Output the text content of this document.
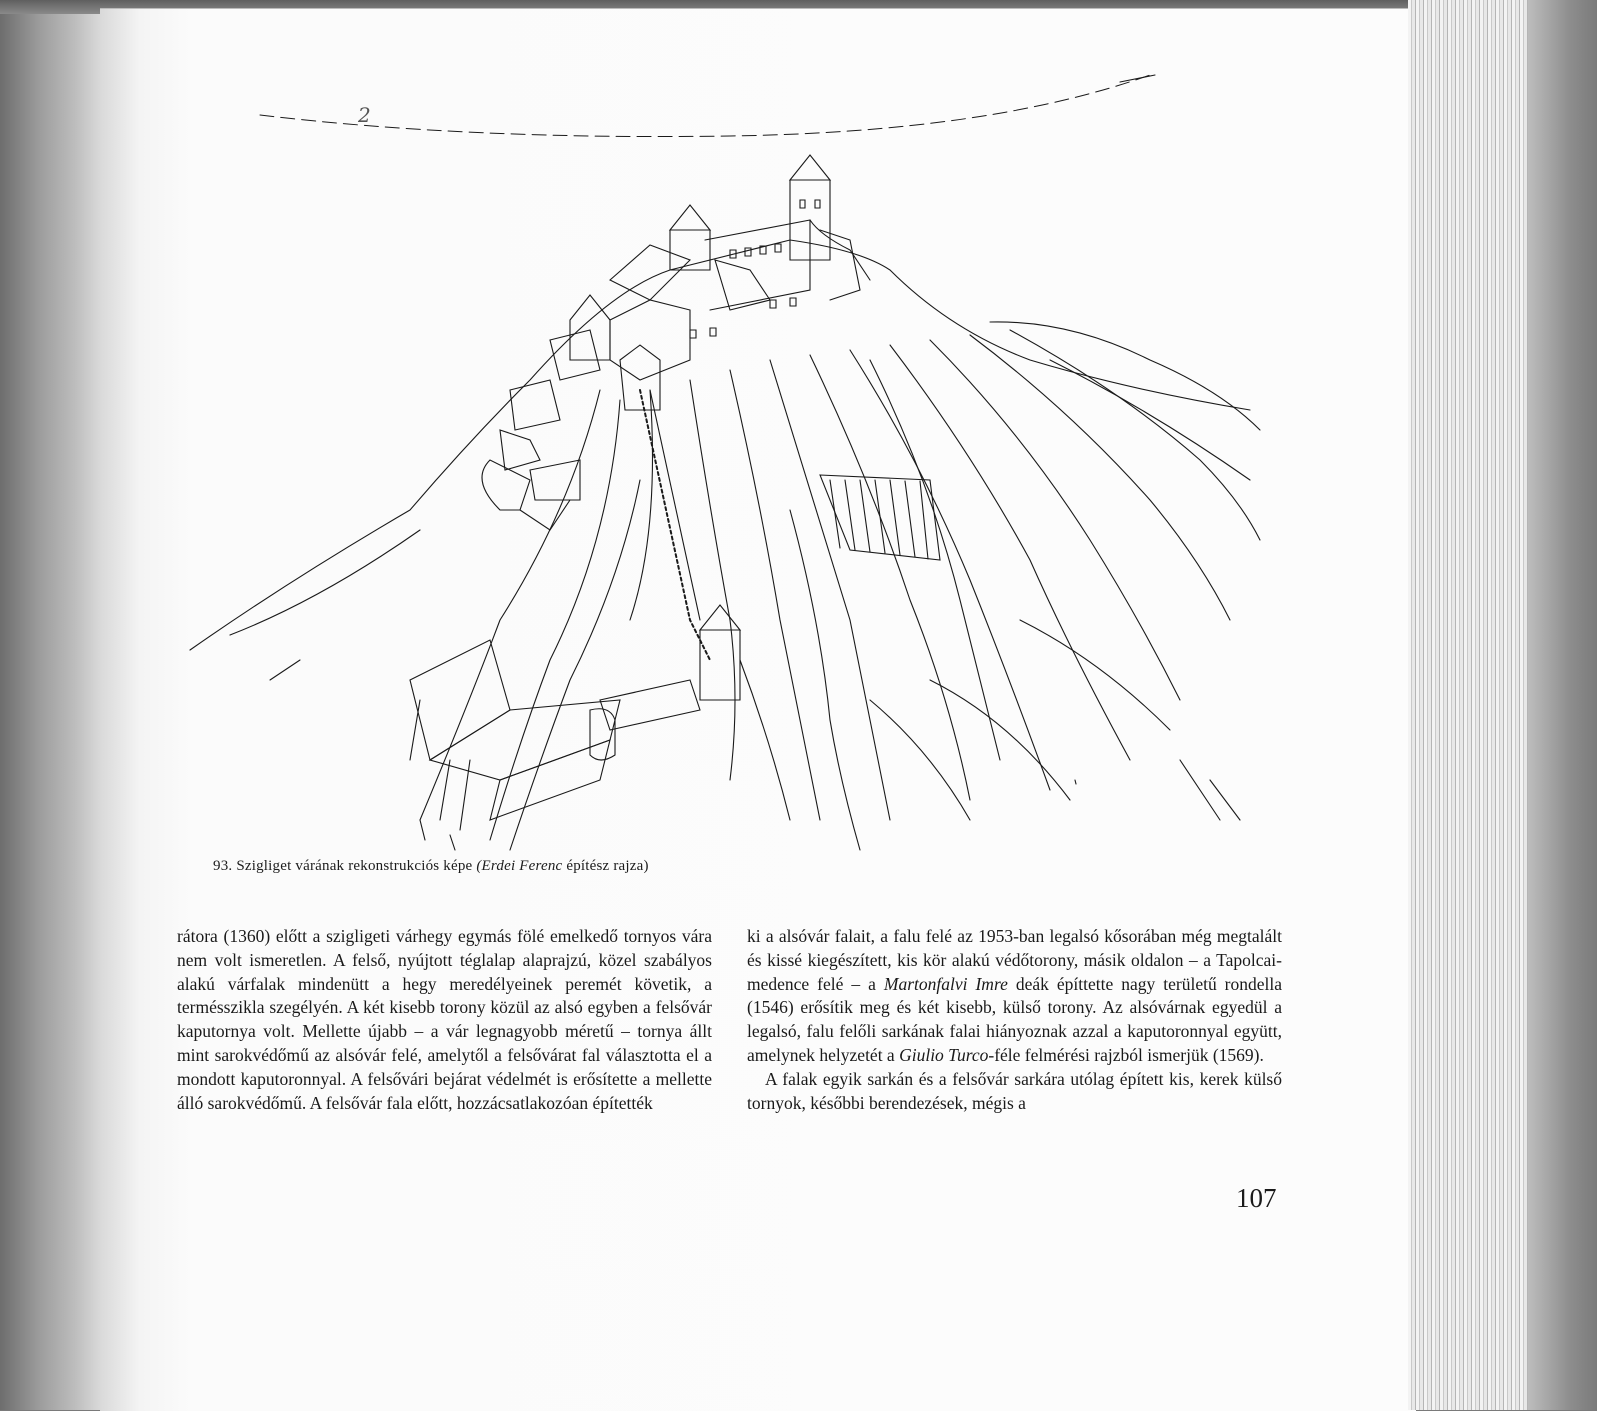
2
93. Szigliget várának rekonstrukciós képe (Erdei Ferenc építész rajza)

rátora (1360) előtt a szigligeti várhegy egymás fölé emelkedő tornyos vára nem volt ismeretlen. A felső, nyújtott téglalap alaprajzú, közel szabályos alakú várfalak mindenütt a hegy meredélyeinek peremét követik, a termésszikla szegélyén. A két kisebb torony közül az alsó egyben a felsővár kaputornya volt. Mellette újabb – a vár legnagyobb méretű – tornya állt mint sarokvédőmű az alsóvár felé, amelytől a felsővárat fal választotta el a mondott kaputoronnyal. A felsővári bejárat védelmét is erősítette a mellette álló sarokvédőmű. A felsővár fala előtt, hozzácsatlakozóan építették

ki a alsóvár falait, a falu felé az 1953-ban legalsó kősorában még megtalált és kissé kiegészített, kis kör alakú védőtorony, másik oldalon – a Tapolcai-medence felé – a Martonfalvi Imre deák építtette nagy területű rondella (1546) erősítik meg és két kisebb, külső torony. Az alsóvárnak egyedül a legalsó, falu felőli sarkának falai hiányoznak azzal a kaputoronnyal együtt, amelynek helyzetét a Giulio Turco-féle felmérési rajzból ismerjük (1569).

A falak egyik sarkán és a felsővár sarkára utólag épített kis, kerek külső tornyok, későbbi berendezések, mégis a

107
